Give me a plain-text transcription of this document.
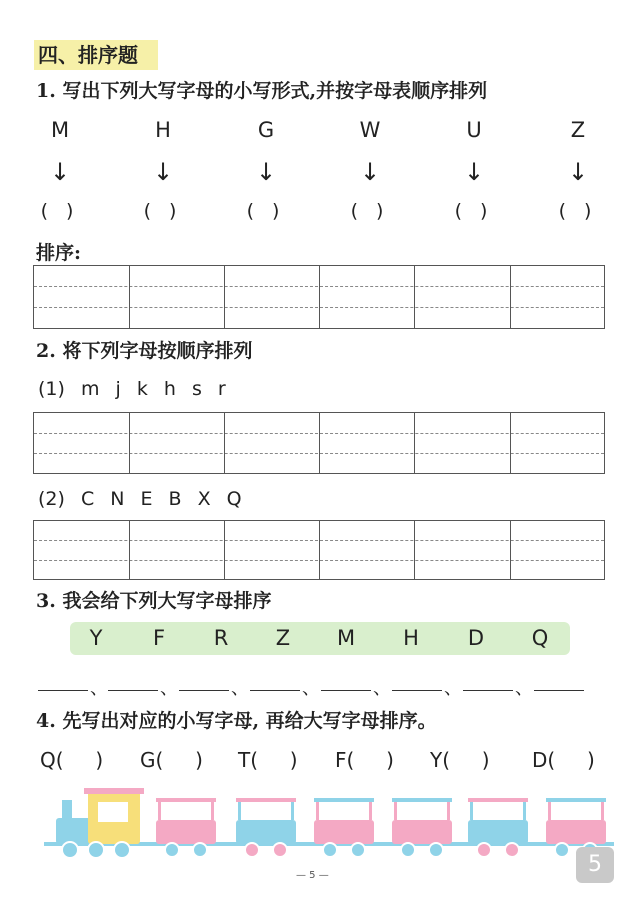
四、排序题
1. 写出下列大写字母的小写形式,并按字母表顺序排列
M	H	G	W	U	Z
↓	↓	↓	↓	↓	↓
( )	( )	( )	( )	( )	( )
排序:
2. 将下列字母按顺序排列
(1) m j k h s r
(2) C N E B X Q
3. 我会给下列大写字母排序
Y	F	R	Z	M	H	D	Q
、	、	、	、	、	、	、
4. 先写出对应的小写字母, 再给大写字母排序。
Q(     ) G(     ) T(     ) F(     ) Y(     ) D(     )
— 5 —	5
